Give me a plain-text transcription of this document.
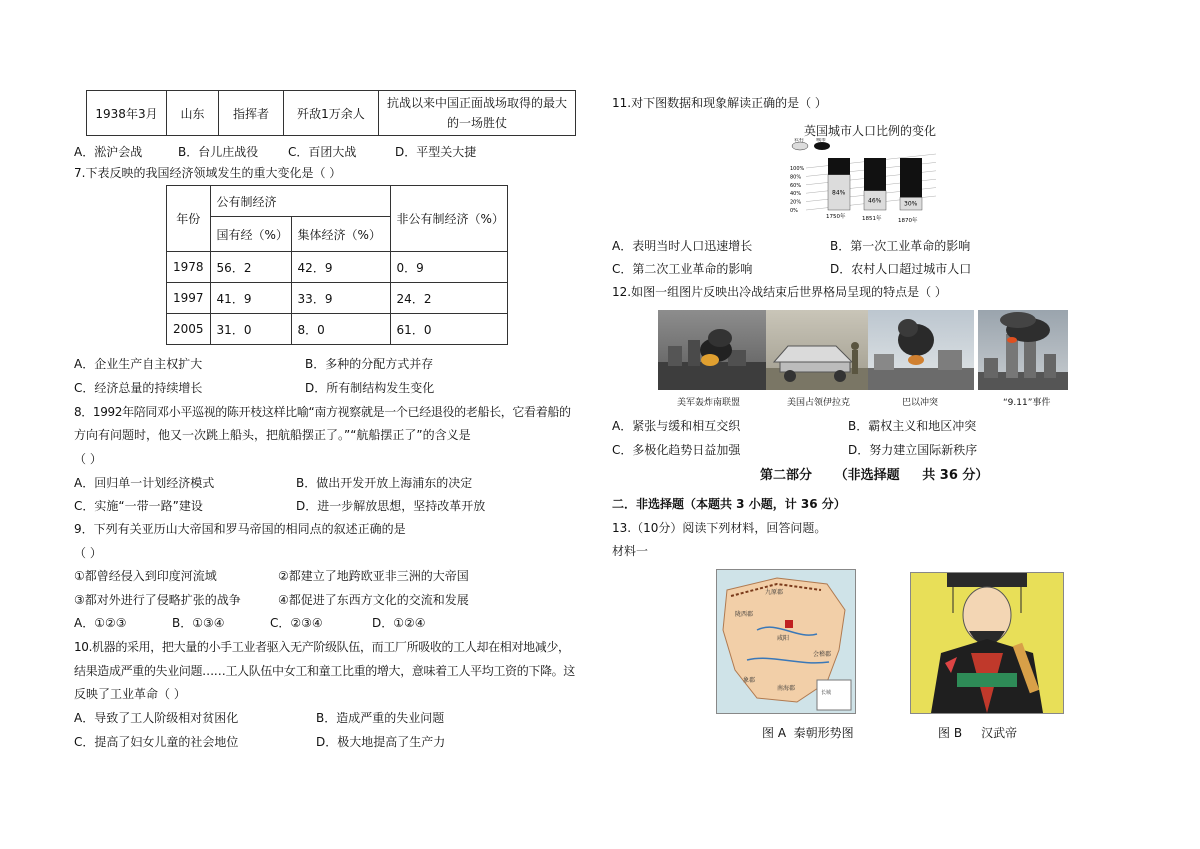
1938年3月	山东	指挥者	歼敌1万余人	抗战以来中国正面战场取得的最大
的一场胜仗
A．淞沪会战	B．台儿庄战役 C．百团大战	D．平型关大捷
7.下表反映的我国经济领域发生的重大变化是（ ）
年份	公有制经济		非公有制经济（%）
	国有经（%）	集体经济（%）	
1978	56．2	42．9	0．9
1997	41．9	33．9	24．2
2005	31．0	8．0	61．0
A．企业生产自主权扩大	B．多种的分配方式并存
C．经济总量的持续增长	D．所有制结构发生变化
8．1992年陪同邓小平巡视的陈开枝这样比喻“南方视察就是一个已经退役的老船长，它看着船的
方向有问题时，他又一次跳上船头，把航船摆正了。”“航船摆正了”的含义是
（ ）
A．回归单一计划经济模式	B．做出开发开放上海浦东的决定
C．实施“一带一路”建设	D．进一步解放思想，坚持改革开放
9．下列有关亚历山大帝国和罗马帝国的相同点的叙述正确的是
（ ）
①都曾经侵入到印度河流域	②都建立了地跨欧亚非三洲的大帝国
③都对外进行了侵略扩张的战争	④都促进了东西方文化的交流和发展
A．①②③	B．①③④	C．②③④	D．①②④
10.机器的采用，把大量的小手工业者驱入无产阶级队伍，而工厂所吸收的工人却在相对地减少，
结果造成严重的失业问题……工人队伍中女工和童工比重的增大，意味着工人平均工资的下降。这
反映了工业革命（ ）
A．导致了工人阶级相对贫困化	B．造成严重的失业问题
C．提高了妇女儿童的社会地位	D．极大地提高了生产力
11.对下图数据和现象解读正确的是（ ）
英国城市人口比例的变化
农村 城市
0%
20%
40%
60%
80%
100%
84%
1750年
46%
1851年
30%
1870年
A．表明当时人口迅速增长	B．第一次工业革命的影响
C．第二次工业革命的影响	D．农村人口超过城市人口
12.如图一组图片反映出冷战结束后世界格局呈现的特点是（ ）
美军轰炸南联盟	美国占领伊拉克	巴以冲突	“9.11”事件
A．紧张与缓和相互交织	B．霸权主义和地区冲突
C．多极化趋势日益加强	D．努力建立国际新秩序
第二部分     （非选择题     共 36 分）
二．非选择题（本题共 3 小题，计 36 分）
13.（10分）阅读下列材料，回答问题。
材料一
九原郡
陇西郡
咸阳
会稽郡
南海郡
象郡
长城
图 A  秦朝形势图	图 B     汉武帝
